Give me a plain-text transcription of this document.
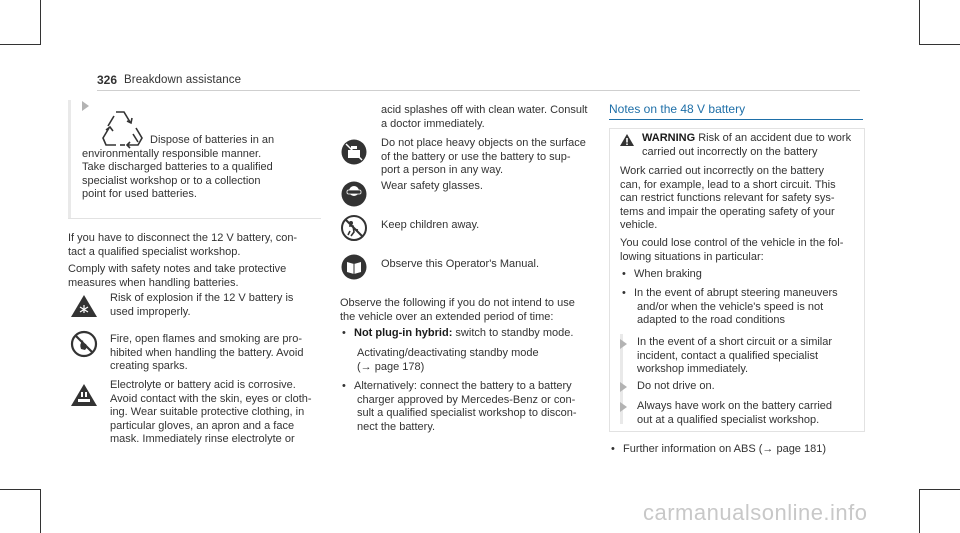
326 Breakdown assistance
Dispose of batteries in an
environmentally responsible manner.
Take discharged batteries to a qualified
specialist workshop or to a collection
point for used batteries.
If you have to disconnect the 12 V battery, con-
tact a qualified specialist workshop.
Comply with safety notes and take protective
measures when handling batteries.
Risk of explosion if the 12 V battery is
used improperly.
Fire, open flames and smoking are pro-
hibited when handling the battery. Avoid
creating sparks.
Electrolyte or battery acid is corrosive.
Avoid contact with the skin, eyes or cloth-
ing. Wear suitable protective clothing, in
particular gloves, an apron and a face
mask. Immediately rinse electrolyte or
acid splashes off with clean water. Consult
a doctor immediately.
Do not place heavy objects on the surface
of the battery or use the battery to sup-
port a person in any way.
Wear safety glasses.
Keep children away.
Observe this Operator's Manual.
Observe the following if you do not intend to use
the vehicle over an extended period of time:
• Not plug-in hybrid: switch to standby mode.
Activating/deactivating standby mode
(→ page 178)
• Alternatively: connect the battery to a battery
charger approved by Mercedes-Benz or con-
sult a qualified specialist workshop to discon-
nect the battery.
Notes on the 48 V battery
WARNING Risk of an accident due to work
carried out incorrectly on the battery
Work carried out incorrectly on the battery
can, for example, lead to a short circuit. This
can restrict functions relevant for safety sys-
tems and impair the operating safety of your
vehicle.
You could lose control of the vehicle in the fol-
lowing situations in particular:
• When braking
• In the event of abrupt steering maneuvers
and/or when the vehicle's speed is not
adapted to the road conditions
In the event of a short circuit or a similar
incident, contact a qualified specialist
workshop immediately.
Do not drive on.
Always have work on the battery carried
out at a qualified specialist workshop.
• Further information on ABS (→ page 181)
carmanualsonline.info
